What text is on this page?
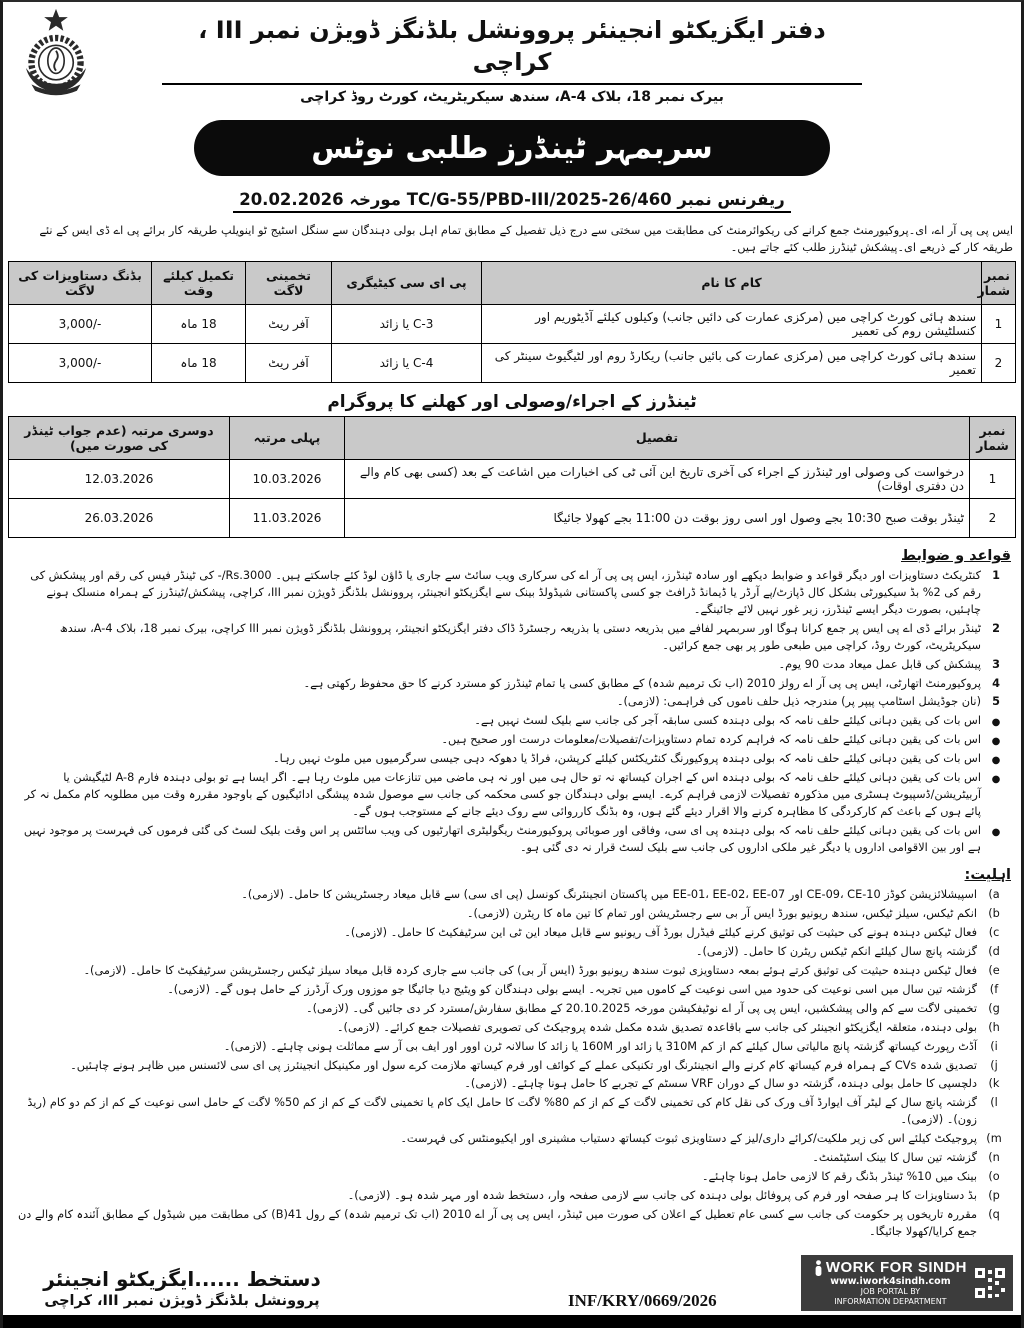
دفتر ایگزیکٹو انجینئر پروونشل بلڈنگز ڈویژن نمبر III ، کراچی
بیرک نمبر 18، بلاک A-4، سندھ سیکریٹریٹ، کورٹ روڈ کراچی
سربمہر ٹینڈرز طلبی نوٹس
ریفرنس نمبر TC/G-55/PBD-III/2025-26/460 مورخہ 20.02.2026
ایس پی پی آر اے، ای۔پروکیورمنٹ جمع کرانے کی ریکوائرمنٹ کی مطابقت میں سختی سے درج ذیل تفصیل کے مطابق تمام اہل بولی دہندگان سے سنگل اسٹیج ٹو اینویلپ طریقہ کار برائے پی اے ڈی ایس کے نئے طریقہ کار کے ذریعے ای۔پیشکش ٹینڈرز طلب کئے جاتے ہیں۔
نمبر شمار	کام کا نام	پی ای سی کیٹیگری	تخمینی لاگت	تکمیل کیلئے وقت	بڈنگ دستاویزات کی لاگت
1	سندھ ہائی کورٹ کراچی میں (مرکزی عمارت کی دائیں جانب) وکیلوں کیلئے آڈیٹوریم اور کنسلٹیشن روم کی تعمیر	C-3 یا زائد	آفر ریٹ	18 ماہ	3,000/-
2	سندھ ہائی کورٹ کراچی میں (مرکزی عمارت کی بائیں جانب) ریکارڈ روم اور لٹیگیوٹ سینٹر کی تعمیر	C-4 یا زائد	آفر ریٹ	18 ماہ	3,000/-
ٹینڈرز کے اجراء/وصولی اور کھلنے کا پروگرام
نمبر شمار	تفصیل	پہلی مرتبہ	دوسری مرتبہ (عدم جواب ٹینڈر کی صورت میں)
1	درخواست کی وصولی اور ٹینڈرز کے اجراء کی آخری تاریخ این آئی ٹی کی اخبارات میں اشاعت کے بعد (کسی بھی کام والے دن دفتری اوقات)	10.03.2026	12.03.2026
2	ٹینڈر بوقت صبح 10:30 بجے وصول اور اسی روز بوقت دن 11:00 بجے کھولا جائیگا	11.03.2026	26.03.2026
قواعد و ضوابط
1
کنٹریکٹ دستاویزات اور دیگر قواعد و ضوابط دیکھے اور سادہ ٹینڈرز، ایس پی پی آر اے کی سرکاری ویب سائٹ سے جاری یا ڈاؤن لوڈ کئے جاسکتے ہیں۔ Rs.3000/- کی ٹینڈر فیس کی رقم اور پیشکش کی رقم کی 2% بڈ سیکیورٹی بشکل کال ڈپازٹ/پے آرڈر یا ڈیمانڈ ڈرافٹ جو کسی پاکستانی شیڈولڈ بینک سے ایگزیکٹو انجینئر، پروونشل بلڈنگز ڈویژن نمبر III، کراچی، پیشکش/ٹینڈرز کے ہمراہ منسلک ہونے چاہئیں، بصورت دیگر ایسے ٹینڈرز، زیر غور نہیں لائے جائینگے۔
2
ٹینڈر برائے ڈی اے پی ایس پر جمع کرانا ہوگا اور سربمہر لفافے میں بذریعہ دستی یا بذریعہ رجسٹرڈ ڈاک دفتر ایگزیکٹو انجینئر، پروونشل بلڈنگز ڈویژن نمبر III کراچی، بیرک نمبر 18، بلاک A-4، سندھ سیکریٹریٹ، کورٹ روڈ، کراچی میں طبعی طور پر بھی جمع کرائیں۔
3
پیشکش کی قابل عمل میعاد مدت 90 یوم۔
4
پروکیورمنٹ اتھارٹی، ایس پی پی آر اے رولز 2010 (اب تک ترمیم شدہ) کے مطابق کسی یا تمام ٹینڈرز کو مسترد کرنے کا حق محفوظ رکھتی ہے۔
5
(نان جوڈیشل اسٹامپ پیپر پر) مندرجہ ذیل حلف ناموں کی فراہمی: (لازمی)۔
●
اس بات کی یقین دہانی کیلئے حلف نامہ کہ بولی دہندہ کسی سابقہ آجر کی جانب سے بلیک لسٹ نہیں ہے۔
●
اس بات کی یقین دہانی کیلئے حلف نامہ کہ فراہم کردہ تمام دستاویزات/تفصیلات/معلومات درست اور صحیح ہیں۔
●
اس بات کی یقین دہانی کیلئے حلف نامہ کہ بولی دہندہ پروکیورنگ کنٹریکٹس کیلئے کرپشن، فراڈ یا دھوکہ دہی جیسی سرگرمیوں میں ملوث نہیں رہا۔
●
اس بات کی یقین دہانی کیلئے حلف نامہ کہ بولی دہندہ اس کے اجران کیساتھ نہ تو حال ہی میں اور نہ ہی ماضی میں تنازعات میں ملوث رہا ہے۔ اگر ایسا ہے تو بولی دہندہ فارم A-8 لٹیگیشن یا آربیٹریشن/ڈسپیوٹ ہسٹری میں مذکورہ تفصیلات لازمی فراہم کرے۔ ایسے بولی دہندگان جو کسی محکمہ کی جانب سے موصول شدہ پیشگی ادائیگیوں کے باوجود مقررہ وقت میں مطلوبہ کام مکمل نہ کر پائے ہوں کے باعث کم کارکردگی کا مظاہرہ کرنے والا اقرار دیئے گئے ہوں، وہ بڈنگ کارروائی سے روک دیئے جانے کے مستوجب ہوں گے۔
●
اس بات کی یقین دہانی کیلئے حلف نامہ کہ بولی دہندہ پی ای سی، وفاقی اور صوبائی پروکیورمنٹ ریگولیٹری اتھارٹیوں کی ویب سائٹس پر اس وقت بلیک لسٹ کی گئی فرموں کی فہرست پر موجود نہیں ہے اور بین الاقوامی اداروں یا دیگر غیر ملکی اداروں کی جانب سے بلیک لسٹ قرار نہ دی گئی ہو۔
اہلیت:
(a
اسپیشلائزیشن کوڈز CE-09، CE-10 اور EE-01، EE-02، EE-07 میں پاکستان انجینئرنگ کونسل (پی ای سی) سے قابل میعاد رجسٹریشن کا حامل۔ (لازمی)۔
(b
انکم ٹیکس، سیلز ٹیکس، سندھ ریونیو بورڈ ایس آر بی سے رجسٹریشن اور تمام کا تین ماہ کا ریٹرن (لازمی)۔
(c
فعال ٹیکس دہندہ ہونے کی حیثیت کی توثیق کرنے کیلئے فیڈرل بورڈ آف ریونیو سے قابل میعاد این ٹی این سرٹیفکیٹ کا حامل۔ (لازمی)۔
(d
گزشتہ پانچ سال کیلئے انکم ٹیکس ریٹرن کا حامل۔ (لازمی)۔
(e
فعال ٹیکس دہندہ حیثیت کی توثیق کرتے ہوئے بمعہ دستاویزی ثبوت سندھ ریونیو بورڈ (ایس آر بی) کی جانب سے جاری کردہ قابل میعاد سیلز ٹیکس رجسٹریشن سرٹیفکیٹ کا حامل۔ (لازمی)۔
(f
گزشتہ تین سال میں اسی نوعیت کی حدود میں اسی نوعیت کے کاموں میں تجربہ۔ ایسے بولی دہندگان کو ویٹیج دیا جائیگا جو موزوں ورک آرڈرز کے حامل ہوں گے۔ (لازمی)۔
(g
تخمینی لاگت سے کم والی پیشکشیں، ایس پی پی آر اے نوٹیفکیشن مورخہ 20.10.2025 کے مطابق سفارش/مسترد کر دی جائیں گی۔ (لازمی)۔
(h
بولی دہندہ، متعلقہ ایگزیکٹو انجینئر کی جانب سے باقاعدہ تصدیق شدہ مکمل شدہ پروجیکٹ کی تصویری تفصیلات جمع کرائے۔ (لازمی)۔
(i
آڈٹ رپورٹ کیساتھ گزشتہ پانچ مالیاتی سال کیلئے کم از کم 310M یا زائد اور 160M یا زائد کا سالانہ ٹرن اوور اور ایف بی آر سے مماثلت ہونی چاہئے۔ (لازمی)۔
(j
تصدیق شدہ CVs کے ہمراہ فرم کیساتھ کام کرنے والے انجینئرنگ اور تکنیکی عملے کے کوائف اور فرم کیساتھ ملازمت کرے سول اور مکینیکل انجینئرز پی ای سی لائسنس میں ظاہر ہونے چاہئیں۔
(k
دلچسپی کا حامل بولی دہندہ، گزشتہ دو سال کے دوران VRF سسٹم کے تجربے کا حامل ہونا چاہئے۔ (لازمی)۔
(l
گزشتہ پانچ سال کے لیٹر آف ایوارڈ آف ورک کی نقل کام کی تخمینی لاگت کے کم از کم 80% لاگت کا حامل ایک کام یا تخمینی لاگت کے کم از کم 50% لاگت کے حامل اسی نوعیت کے کم از کم دو کام (ریڈ زون)۔ (لازمی)۔
(m
پروجیکٹ کیلئے اس کی زیر ملکیت/کرائے داری/لیز کے دستاویزی ثبوت کیساتھ دستیاب مشینری اور ایکیومنٹس کی فہرست۔
(n
گزشتہ تین سال کا بینک اسٹیٹمنٹ۔
(o
بینک میں 10% ٹینڈر بڈنگ رقم کا لازمی حامل ہونا چاہئے۔
(p
بڈ دستاویزات کا ہر صفحہ اور فرم کی پروفائل بولی دہندہ کی جانب سے لازمی صفحہ وار، دستخط شدہ اور مہر شدہ ہو۔ (لازمی)۔
(q
مقررہ تاریخوں پر حکومت کی جانب سے کسی عام تعطیل کے اعلان کی صورت میں ٹینڈر، ایس پی پی آر اے 2010 (اب تک ترمیم شدہ) کے رول 41(B) کی مطابقت میں شیڈول کے مطابق آئندہ کام والے دن جمع کرایا/کھولا جائیگا۔
دستخط ......ایگزیکٹو انجینئر
پروونشل بلڈنگز ڈویژن نمبر III، کراچی	INF/KRY/0669/2026
WORK FOR SINDH
www.iwork4sindh.com
JOB PORTAL BY
INFORMATION DEPARTMENT
